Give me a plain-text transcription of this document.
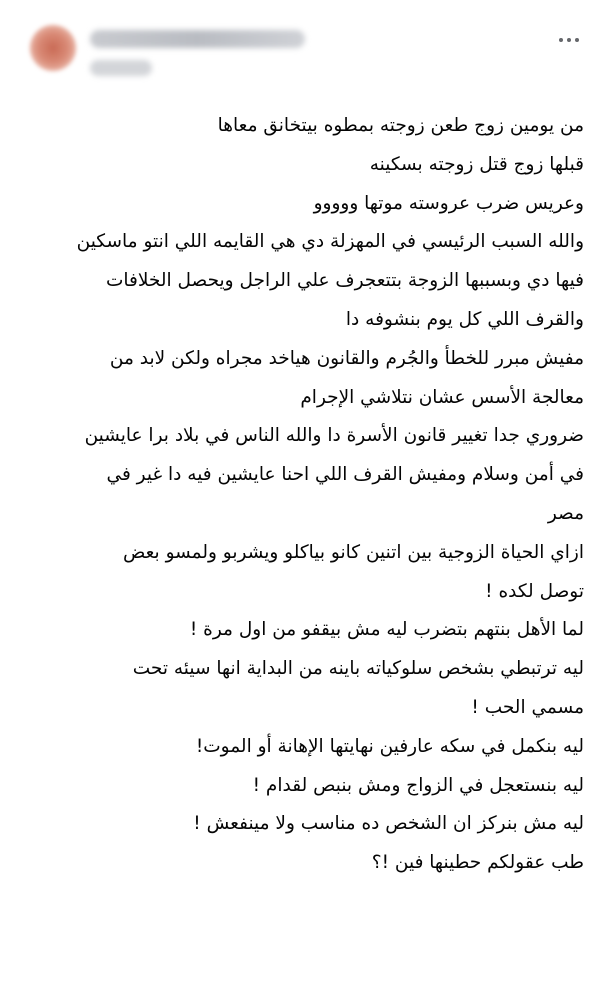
من يومين زوج طعن زوجته بمطوه بيتخانق معاها
قبلها زوج قتل زوجته بسكينه
وعريس ضرب عروسته موتها ووووو
والله السبب الرئيسي في المهزلة دي هي القايمه اللي انتو ماسكين
فيها دي وبسببها الزوجة بتتعجرف علي الراجل ويحصل الخلافات
والقرف اللي كل يوم بنشوفه دا
مفيش مبرر للخطأ والجُرم والقانون هياخد مجراه ولكن لابد من
معالجة الأسس عشان نتلاشي الإجرام
ضروري جدا تغيير قانون الأسرة دا والله الناس في بلاد برا عايشين
في أمن وسلام ومفيش القرف اللي احنا عايشين فيه دا غير في
مصر
ازاي الحياة الزوجية بين اتنين كانو بياكلو ويشربو ولمسو بعض
توصل لكده !
لما الأهل بنتهم بتضرب ليه مش بيقفو من اول مرة !
ليه ترتبطي بشخص سلوكياته باينه من البداية انها سيئه تحت
مسمي الحب !
ليه بنكمل في سكه عارفين نهايتها الإهانة أو الموت!
ليه بنستعجل في الزواج ومش بنبص لقدام !
ليه مش بنركز ان الشخص ده مناسب ولا مينفعش !
طب عقولكم حطينها فين !؟
